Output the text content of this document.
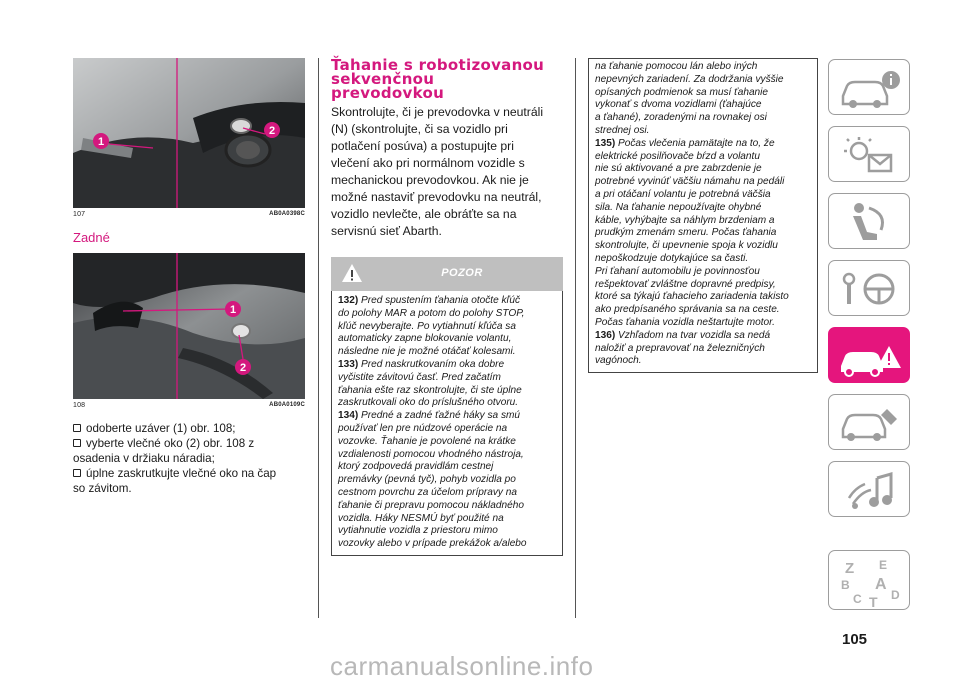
1
2
107	AB0A0398C
Zadné
1
2
108	AB0A0109C
odoberte uzáver (1) obr. 108;
vyberte vlečné oko (2) obr. 108 z
osadenia v držiaku náradia;
úplne zaskrutkujte vlečné oko na čap
so závitom.
Ťahanie s robotizovanou
sekvenčnou
prevodovkou
Skontrolujte, či je prevodovka v neutráli
(N) (skontrolujte, či sa vozidlo pri
potlačení posúva) a postupujte pri
vlečení ako pri normálnom vozidle s
mechanickou prevodovkou. Ak nie je
možné nastaviť prevodovku na neutrál,
vozidlo nevlečte, ale obráťte sa na
servisnú sieť Abarth.
POZOR

132) Pred spustením ťahania otočte kľúč
do polohy MAR a potom do polohy STOP,
kľúč nevyberajte. Po vytiahnutí kľúča sa
automaticky zapne blokovanie volantu,
následne nie je možné otáčať kolesami.

133) Pred naskrutkovaním oka dobre
vyčistite závitovú časť. Pred začatím
ťahania ešte raz skontrolujte, či ste úplne
zaskrutkovali oko do príslušného otvoru.

134) Predné a zadné ťažné háky sa smú
používať len pre núdzové operácie na
vozovke. Ťahanie je povolené na krátke
vzdialenosti pomocou vhodného nástroja,
ktorý zodpovedá pravidlám cestnej
premávky (pevná tyč), pohyb vozidla po
cestnom povrchu za účelom prípravy na
ťahanie či prepravu pomocou nákladného
vozidla. Háky NESMÚ byť použité na
vytiahnutie vozidla z priestoru mimo
vozovky alebo v prípade prekážok a/alebo

na ťahanie pomocou lán alebo iných
nepevných zariadení. Za dodržania vyššie
opísaných podmienok sa musí ťahanie
vykonať s dvoma vozidlami (ťahajúce
a ťahané), zoradenými na rovnakej osi
strednej osi.

135) Počas vlečenia pamätajte na to, že
elektrické posilňovače bŕzd a volantu
nie sú aktivované a pre zabrzdenie je
potrebné vyvinúť väčšiu námahu na pedáli
a pri otáčaní volantu je potrebná väčšia
sila. Na ťahanie nepoužívajte ohybné
káble, vyhýbajte sa náhlym brzdeniam a
prudkým zmenám smeru. Počas ťahania
skontrolujte, či upevnenie spoja k vozidlu
nepoškodzuje dotykajúce sa časti.
Pri ťahaní automobilu je povinnosťou
rešpektovať zvláštne dopravné predpisy,
ktoré sa týkajú ťahacieho zariadenia takisto
ako predpísaného správania sa na ceste.
Počas ťahania vozidla neštartujte motor.

136) Vzhľadom na tvar vozidla sa nedá
naložiť a prepravovať na železničných
vagónoch.

Z E
B A
C T D
105
carmanualsonline.info
